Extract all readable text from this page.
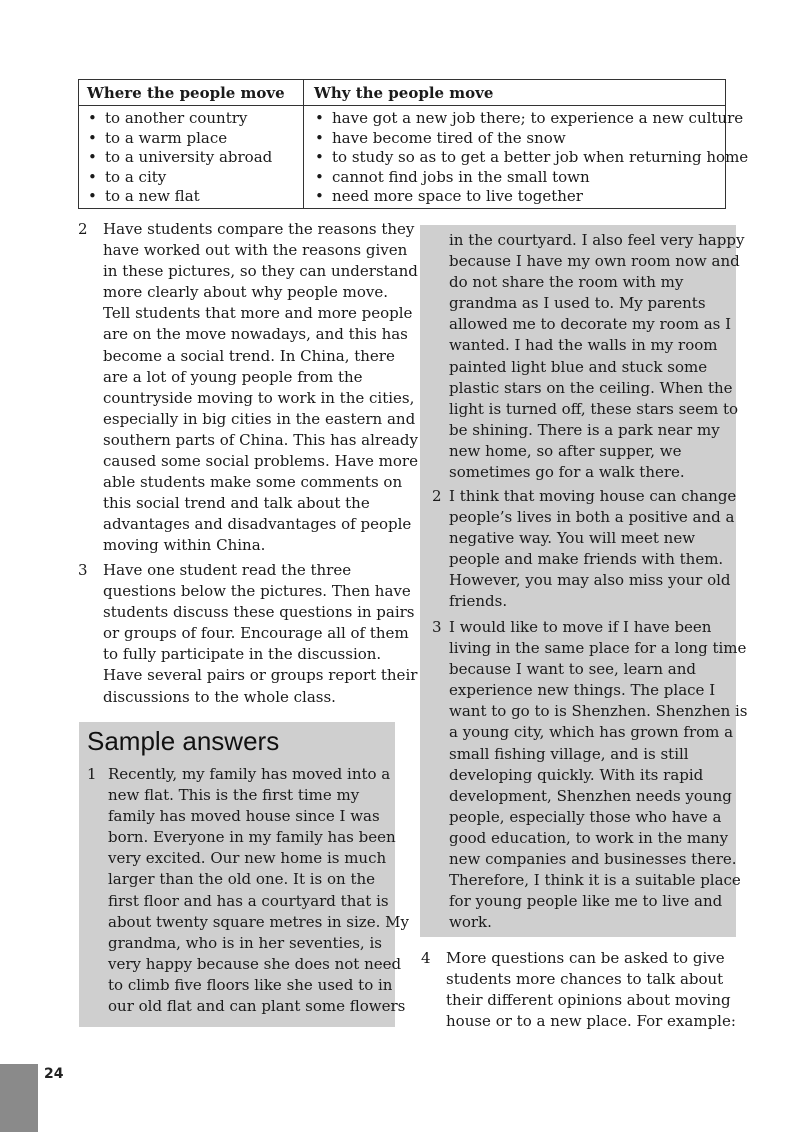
Where the people move Why the people move
• to another country
• to a warm place
• to a university abroad
• to a city
• to a new flat
• have got a new job there; to experience a new culture
• have become tired of the snow
• to study so as to get a better job when returning home
• cannot find jobs in the small town
• need more space to live together
2 Have students compare the reasons they
have worked out with the reasons given
in these pictures, so they can understand
more clearly about why people move.
Tell students that more and more people
are on the move nowadays, and this has
become a social trend. In China, there
are a lot of young people from the
countryside moving to work in the cities,
especially in big cities in the eastern and
southern parts of China. This has already
caused some social problems. Have more
able students make some comments on
this social trend and talk about the
advantages and disadvantages of people
moving within China.
3 Have one student read the three
questions below the pictures. Then have
students discuss these questions in pairs
or groups of four. Encourage all of them
to fully participate in the discussion.
Have several pairs or groups report their
discussions to the whole class.
Sample answers
1 Recently, my family has moved into a
new flat. This is the first time my
family has moved house since I was
born. Everyone in my family has been
very excited. Our new home is much
larger than the old one. It is on the
first floor and has a courtyard that is
about twenty square metres in size. My
grandma, who is in her seventies, is
very happy because she does not need
to climb five floors like she used to in
our old flat and can plant some flowers
in the courtyard. I also feel very happy
because I have my own room now and
do not share the room with my
grandma as I used to. My parents
allowed me to decorate my room as I
wanted. I had the walls in my room
painted light blue and stuck some
plastic stars on the ceiling. When the
light is turned off, these stars seem to
be shining. There is a park near my
new home, so after supper, we
sometimes go for a walk there.
2 I think that moving house can change
people’s lives in both a positive and a
negative way. You will meet new
people and make friends with them.
However, you may also miss your old
friends.
3 I would like to move if I have been
living in the same place for a long time
because I want to see, learn and
experience new things. The place I
want to go to is Shenzhen. Shenzhen is
a young city, which has grown from a
small fishing village, and is still
developing quickly. With its rapid
development, Shenzhen needs young
people, especially those who have a
good education, to work in the many
new companies and businesses there.
Therefore, I think it is a suitable place
for young people like me to live and
work.
4 More questions can be asked to give
students more chances to talk about
their different opinions about moving
house or to a new place. For example:
24
